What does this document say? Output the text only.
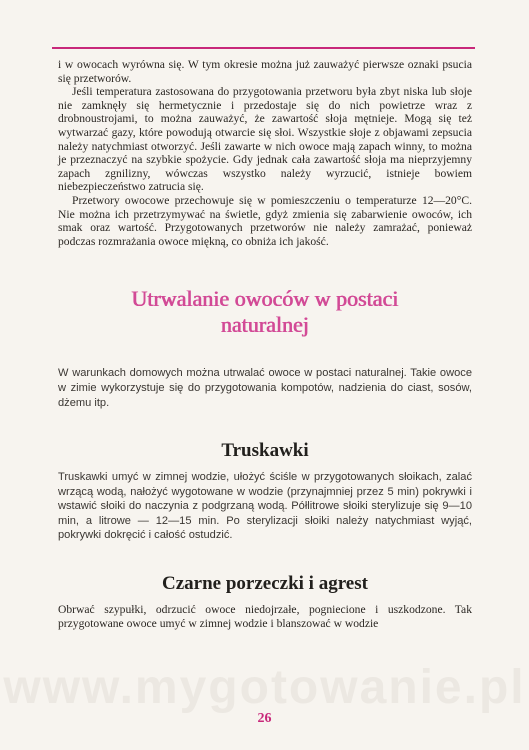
i w owocach wyrówna się. W tym okresie można już zauważyć pierwsze oznaki psucia się przetworów.

Jeśli temperatura zastosowana do przygotowania przetworu była zbyt niska lub słoje nie zamknęły się hermetycznie i przedostaje się do nich powietrze wraz z drobnoustrojami, to można zauważyć, że zawartość słoja mętnieje. Mogą się też wytwarzać gazy, które powodują otwarcie się słoi. Wszystkie słoje z objawami zepsucia należy natychmiast otworzyć. Jeśli zawarte w nich owoce mają zapach winny, to można je przeznaczyć na szybkie spożycie. Gdy jednak cała zawartość słoja ma nieprzyjemny zapach zgnilizny, wówczas wszystko należy wyrzucić, istnieje bowiem niebezpieczeństwo zatrucia się.

Przetwory owocowe przechowuje się w pomieszczeniu o temperaturze 12—20°C. Nie można ich przetrzymywać na świetle, gdyż zmienia się zabarwienie owoców, ich smak oraz wartość. Przygotowanych przetworów nie należy zamrażać, ponieważ podczas rozmrażania owoce miękną, co obniża ich jakość.

Utrwalanie owoców w postaci
naturalnej

W warunkach domowych można utrwalać owoce w postaci naturalnej. Takie owoce w zimie wykorzystuje się do przygotowania kompotów, nadzienia do ciast, sosów, dżemu itp.

Truskawki

Truskawki umyć w zimnej wodzie, ułożyć ściśle w przygotowanych słoikach, zalać wrzącą wodą, nałożyć wygotowane w wodzie (przynajmniej przez 5 min) pokrywki i wstawić słoiki do naczynia z podgrzaną wodą. Półlitrowe słoiki sterylizuje się 9—10 min, a litrowe — 12—15 min. Po sterylizacji słoiki należy natychmiast wyjąć, pokrywki dokręcić i całość ostudzić.

Czarne porzeczki i agrest

Obrwać szypułki, odrzucić owoce niedojrzałe, pogniecione i uszkodzone. Tak przygotowane owoce umyć w zimnej wodzie i blanszować w wodzie

www.mygotowanie.pl
26
